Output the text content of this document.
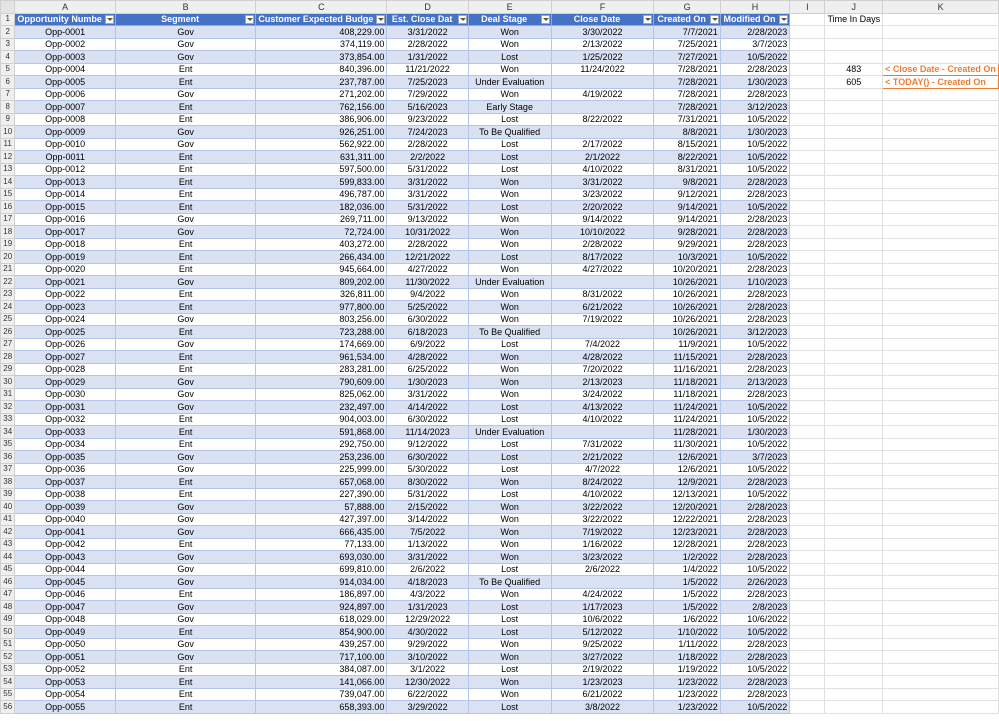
	A	B	C	D	E	F	G	H	I	J	K
1	Opportunity Numbe	Segment	Customer Expected Budge	Est. Close Dat	Deal Stage	Close Date	Created On	Modified On		Time In Days	
2	Opp-0001	Gov	408,229.00	3/31/2022	Won	3/30/2022	7/7/2021	2/28/2023			
3	Opp-0002	Gov	374,119.00	2/28/2022	Won	2/13/2022	7/25/2021	3/7/2023			
4	Opp-0003	Gov	373,854.00	1/31/2022	Lost	1/25/2022	7/27/2021	10/5/2022			
5	Opp-0004	Ent	840,396.00	11/21/2022	Won	11/24/2022	7/28/2021	2/28/2023		483	< Close Date - Created On
6	Opp-0005	Ent	237,787.00	7/25/2023	Under Evaluation		7/28/2021	1/30/2023		605	< TODAY() - Created On
7	Opp-0006	Gov	271,202.00	7/29/2022	Won	4/19/2022	7/28/2021	2/28/2023			
8	Opp-0007	Ent	762,156.00	5/16/2023	Early Stage		7/28/2021	3/12/2023			
9	Opp-0008	Ent	386,906.00	9/23/2022	Lost	8/22/2022	7/31/2021	10/5/2022			
10	Opp-0009	Gov	926,251.00	7/24/2023	To Be Qualified		8/8/2021	1/30/2023			
11	Opp-0010	Gov	562,922.00	2/28/2022	Lost	2/17/2022	8/15/2021	10/5/2022			
12	Opp-0011	Ent	631,311.00	2/2/2022	Lost	2/1/2022	8/22/2021	10/5/2022			
13	Opp-0012	Ent	597,500.00	5/31/2022	Lost	4/10/2022	8/31/2021	10/5/2022			
14	Opp-0013	Ent	599,833.00	3/31/2022	Won	3/31/2022	9/8/2021	2/28/2023			
15	Opp-0014	Ent	496,787.00	3/31/2022	Won	3/23/2022	9/12/2021	2/28/2023			
16	Opp-0015	Ent	182,036.00	5/31/2022	Lost	2/20/2022	9/14/2021	10/5/2022			
17	Opp-0016	Gov	269,711.00	9/13/2022	Won	9/14/2022	9/14/2021	2/28/2023			
18	Opp-0017	Gov	72,724.00	10/31/2022	Won	10/10/2022	9/28/2021	2/28/2023			
19	Opp-0018	Ent	403,272.00	2/28/2022	Won	2/28/2022	9/29/2021	2/28/2023			
20	Opp-0019	Ent	266,434.00	12/21/2022	Lost	8/17/2022	10/3/2021	10/5/2022			
21	Opp-0020	Ent	945,664.00	4/27/2022	Won	4/27/2022	10/20/2021	2/28/2023			
22	Opp-0021	Gov	809,202.00	11/30/2022	Under Evaluation		10/26/2021	1/10/2023			
23	Opp-0022	Ent	326,811.00	9/4/2022	Won	8/31/2022	10/26/2021	2/28/2023			
24	Opp-0023	Ent	977,800.00	5/25/2022	Won	6/21/2022	10/26/2021	2/28/2023			
25	Opp-0024	Gov	803,256.00	6/30/2022	Won	7/19/2022	10/26/2021	2/28/2023			
26	Opp-0025	Ent	723,288.00	6/18/2023	To Be Qualified		10/26/2021	3/12/2023			
27	Opp-0026	Gov	174,669.00	6/9/2022	Lost	7/4/2022	11/9/2021	10/5/2022			
28	Opp-0027	Ent	961,534.00	4/28/2022	Won	4/28/2022	11/15/2021	2/28/2023			
29	Opp-0028	Ent	283,281.00	6/25/2022	Won	7/20/2022	11/16/2021	2/28/2023			
30	Opp-0029	Gov	790,609.00	1/30/2023	Won	2/13/2023	11/18/2021	2/13/2023			
31	Opp-0030	Gov	825,062.00	3/31/2022	Won	3/24/2022	11/18/2021	2/28/2023			
32	Opp-0031	Gov	232,497.00	4/14/2022	Lost	4/13/2022	11/24/2021	10/5/2022			
33	Opp-0032	Ent	904,003.00	6/30/2022	Lost	4/10/2022	11/24/2021	10/5/2022			
34	Opp-0033	Ent	591,868.00	11/14/2023	Under Evaluation		11/28/2021	1/30/2023			
35	Opp-0034	Ent	292,750.00	9/12/2022	Lost	7/31/2022	11/30/2021	10/5/2022			
36	Opp-0035	Gov	253,236.00	6/30/2022	Lost	2/21/2022	12/6/2021	3/7/2023			
37	Opp-0036	Gov	225,999.00	5/30/2022	Lost	4/7/2022	12/6/2021	10/5/2022			
38	Opp-0037	Ent	657,068.00	8/30/2022	Won	8/24/2022	12/9/2021	2/28/2023			
39	Opp-0038	Ent	227,390.00	5/31/2022	Lost	4/10/2022	12/13/2021	10/5/2022			
40	Opp-0039	Gov	57,888.00	2/15/2022	Won	3/22/2022	12/20/2021	2/28/2023			
41	Opp-0040	Gov	427,397.00	3/14/2022	Won	3/22/2022	12/22/2021	2/28/2023			
42	Opp-0041	Gov	666,435.00	7/5/2022	Won	7/19/2022	12/23/2021	2/28/2023			
43	Opp-0042	Ent	77,133.00	1/13/2022	Won	1/16/2022	12/28/2021	2/28/2023			
44	Opp-0043	Gov	693,030.00	3/31/2022	Won	3/23/2022	1/2/2022	2/28/2023			
45	Opp-0044	Gov	699,810.00	2/6/2022	Lost	2/6/2022	1/4/2022	10/5/2022			
46	Opp-0045	Gov	914,034.00	4/18/2023	To Be Qualified		1/5/2022	2/26/2023			
47	Opp-0046	Ent	186,897.00	4/3/2022	Won	4/24/2022	1/5/2022	2/28/2023			
48	Opp-0047	Gov	924,897.00	1/31/2023	Lost	1/17/2023	1/5/2022	2/8/2023			
49	Opp-0048	Gov	618,029.00	12/29/2022	Lost	10/6/2022	1/6/2022	10/6/2022			
50	Opp-0049	Ent	854,900.00	4/30/2022	Lost	5/12/2022	1/10/2022	10/5/2022			
51	Opp-0050	Gov	439,257.00	9/29/2022	Won	9/25/2022	1/11/2022	2/28/2023			
52	Opp-0051	Gov	717,100.00	3/10/2022	Won	3/27/2022	1/18/2022	2/28/2023			
53	Opp-0052	Ent	384,087.00	3/1/2022	Lost	2/19/2022	1/19/2022	10/5/2022			
54	Opp-0053	Ent	141,066.00	12/30/2022	Won	1/23/2023	1/23/2022	2/28/2023			
55	Opp-0054	Ent	739,047.00	6/22/2022	Won	6/21/2022	1/23/2022	2/28/2023			
56	Opp-0055	Ent	658,393.00	3/29/2022	Lost	3/8/2022	1/23/2022	10/5/2022			
